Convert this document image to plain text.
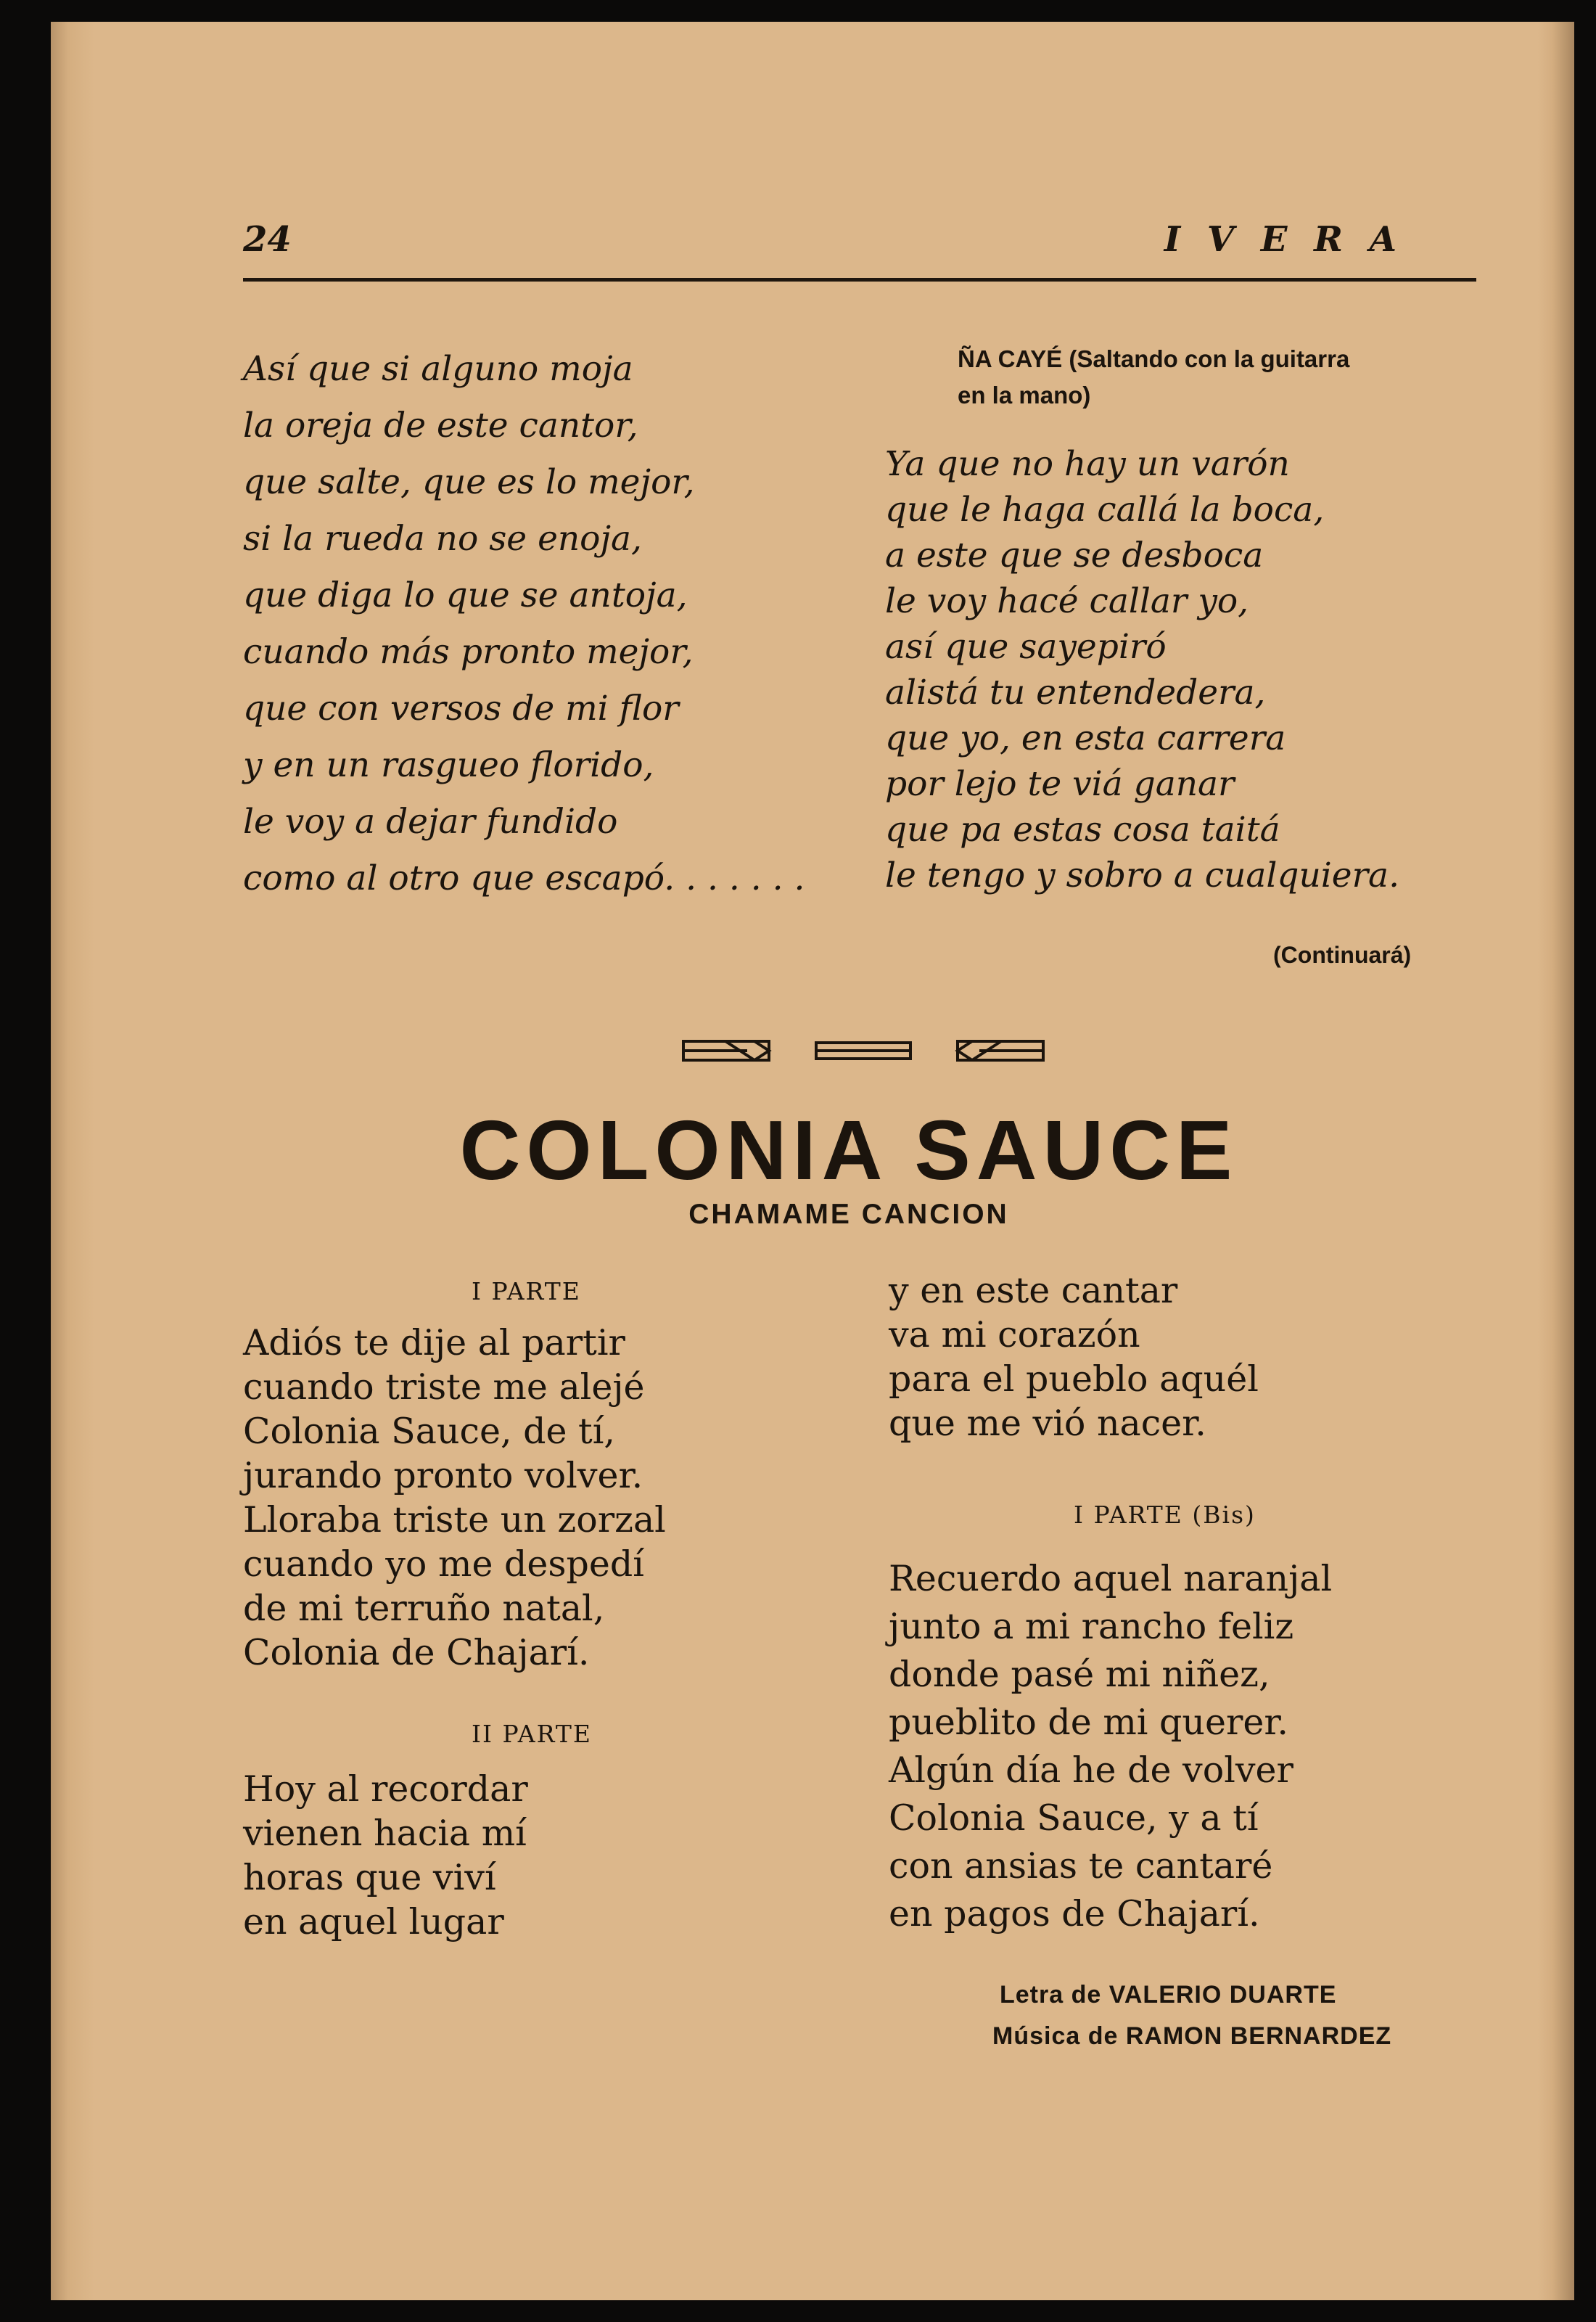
24	I V E R A
Así que si alguno moja
la oreja de este cantor,
que salte, que es lo mejor,
si la rueda no se enoja,
que diga lo que se antoja,
cuando más pronto mejor,
que con versos de mi flor
y en un rasgueo florido,
le voy a dejar fundido
como al otro que escapó. . . . . . .
ÑA CAYÉ (Saltando con la guitarra
en la mano)
Ya que no hay un varón
que le haga callá la boca,
a este que se desboca
le voy hacé callar yo,
así que sayepiró
alistá tu entendedera,
que yo, en esta carrera
por lejo te viá ganar
que pa estas cosa taitá
le tengo y sobro a cualquiera.
(Continuará)
COLONIA SAUCE
CHAMAME CANCION
I PARTE
Adiós te dije al partir
cuando triste me alejé
Colonia Sauce, de tí,
jurando pronto volver.
Lloraba triste un zorzal
cuando yo me despedí
de mi terruño natal,
Colonia de Chajarí.
II PARTE
Hoy al recordar
vienen hacia mí
horas que viví
en aquel lugar
y en este cantar
va mi corazón
para el pueblo aquél
que me vió nacer.
I PARTE (Bis)
Recuerdo aquel naranjal
junto a mi rancho feliz
donde pasé mi niñez,
pueblito de mi querer.
Algún día he de volver
Colonia Sauce, y a tí
con ansias te cantaré
en pagos de Chajarí.
Letra de VALERIO DUARTE
Música de RAMON BERNARDEZ
